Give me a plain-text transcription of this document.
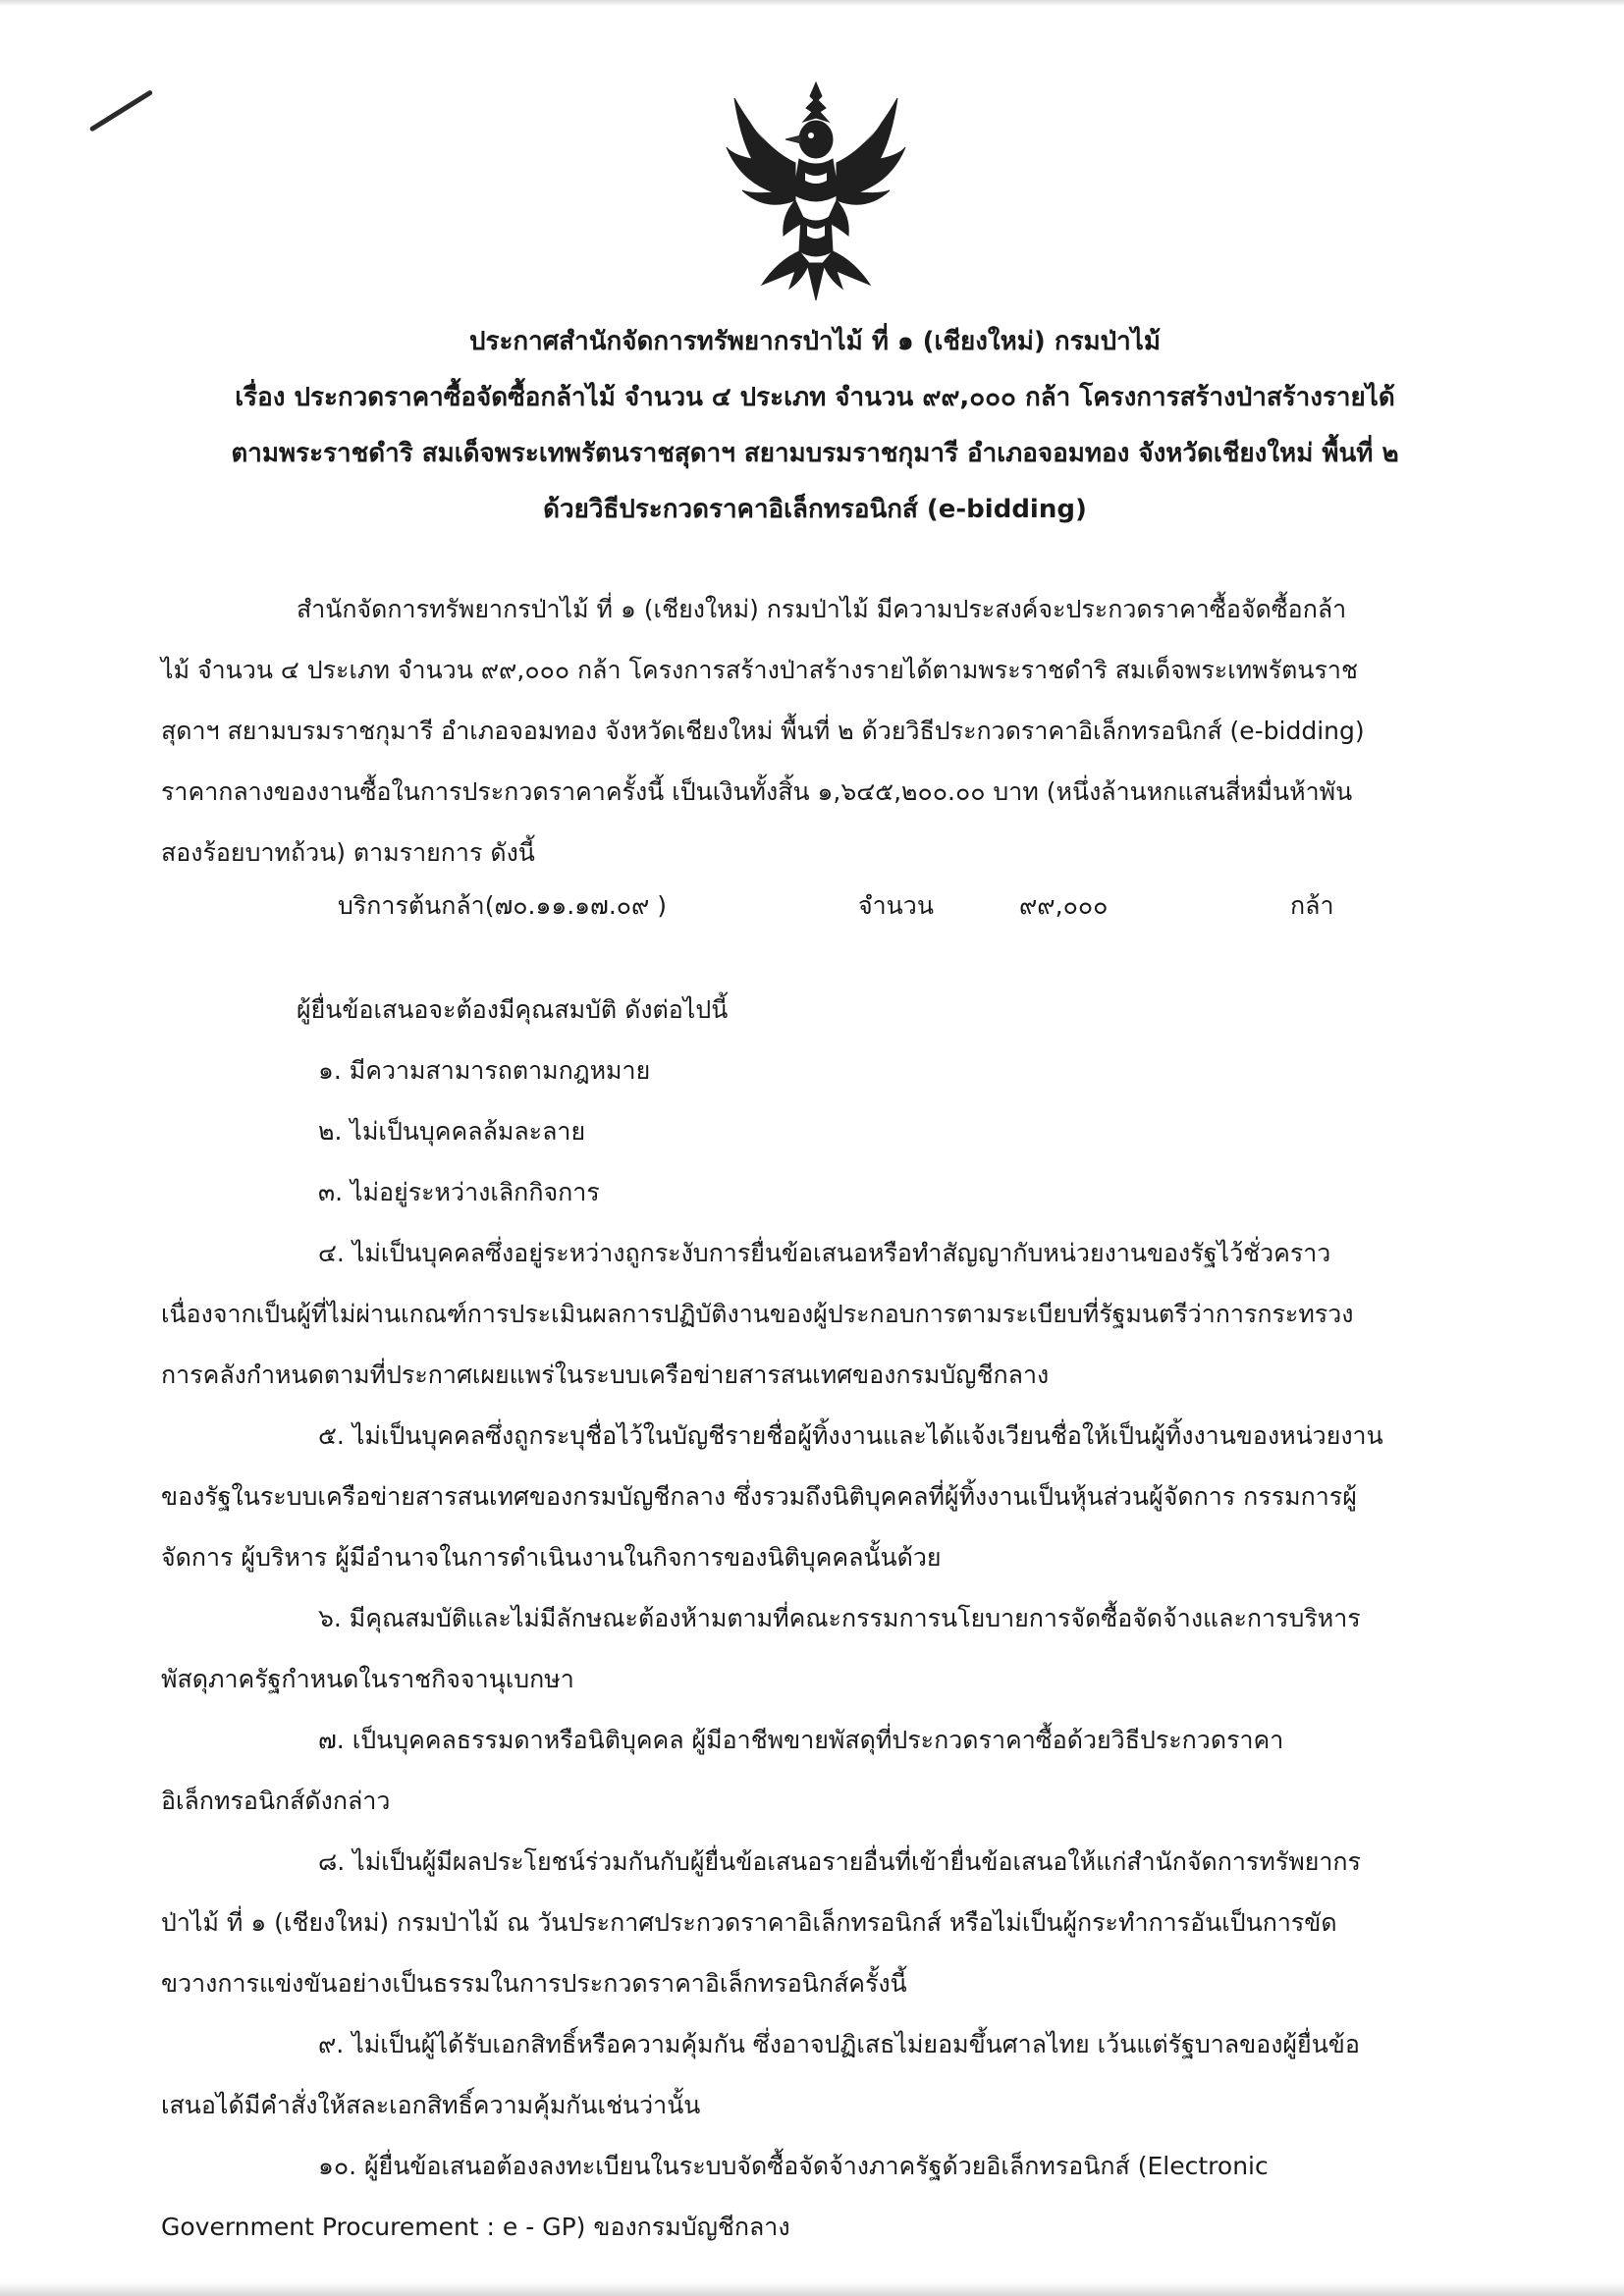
ประกาศสำนักจัดการทรัพยากรป่าไม้ ที่ ๑ (เชียงใหม่) กรมป่าไม้
เรื่อง ประกวดราคาซื้อจัดซื้อกล้าไม้ จำนวน ๔ ประเภท จำนวน ๙๙,๐๐๐ กล้า โครงการสร้างป่าสร้างรายได้
ตามพระราชดำริ สมเด็จพระเทพรัตนราชสุดาฯ สยามบรมราชกุมารี อำเภอจอมทอง จังหวัดเชียงใหม่ พื้นที่ ๒
ด้วยวิธีประกวดราคาอิเล็กทรอนิกส์ (e-bidding)
สำนักจัดการทรัพยากรป่าไม้ ที่ ๑ (เชียงใหม่) กรมป่าไม้ มีความประสงค์จะประกวดราคาซื้อจัดซื้อกล้า
ไม้ จำนวน ๔ ประเภท จำนวน ๙๙,๐๐๐ กล้า โครงการสร้างป่าสร้างรายได้ตามพระราชดำริ สมเด็จพระเทพรัตนราช
สุดาฯ สยามบรมราชกุมารี อำเภอจอมทอง จังหวัดเชียงใหม่ พื้นที่ ๒ ด้วยวิธีประกวดราคาอิเล็กทรอนิกส์ (e-bidding)
ราคากลางของงานซื้อในการประกวดราคาครั้งนี้ เป็นเงินทั้งสิ้น ๑,๖๔๕,๒๐๐.๐๐ บาท (หนึ่งล้านหกแสนสี่หมื่นห้าพัน
สองร้อยบาทถ้วน) ตามรายการ ดังนี้
บริการต้นกล้า(๗๐.๑๑.๑๗.๐๙ )	จำนวน	๙๙,๐๐๐	กล้า
ผู้ยื่นข้อเสนอจะต้องมีคุณสมบัติ ดังต่อไปนี้
๑. มีความสามารถตามกฎหมาย
๒. ไม่เป็นบุคคลล้มละลาย
๓. ไม่อยู่ระหว่างเลิกกิจการ
๔. ไม่เป็นบุคคลซึ่งอยู่ระหว่างถูกระงับการยื่นข้อเสนอหรือทำสัญญากับหน่วยงานของรัฐไว้ชั่วคราว
เนื่องจากเป็นผู้ที่ไม่ผ่านเกณฑ์การประเมินผลการปฏิบัติงานของผู้ประกอบการตามระเบียบที่รัฐมนตรีว่าการกระทรวง
การคลังกำหนดตามที่ประกาศเผยแพร่ในระบบเครือข่ายสารสนเทศของกรมบัญชีกลาง
๕. ไม่เป็นบุคคลซึ่งถูกระบุชื่อไว้ในบัญชีรายชื่อผู้ทิ้งงานและได้แจ้งเวียนชื่อให้เป็นผู้ทิ้งงานของหน่วยงาน
ของรัฐในระบบเครือข่ายสารสนเทศของกรมบัญชีกลาง ซึ่งรวมถึงนิติบุคคลที่ผู้ทิ้งงานเป็นหุ้นส่วนผู้จัดการ กรรมการผู้
จัดการ ผู้บริหาร ผู้มีอำนาจในการดำเนินงานในกิจการของนิติบุคคลนั้นด้วย
๖. มีคุณสมบัติและไม่มีลักษณะต้องห้ามตามที่คณะกรรมการนโยบายการจัดซื้อจัดจ้างและการบริหาร
พัสดุภาครัฐกำหนดในราชกิจจานุเบกษา
๗. เป็นบุคคลธรรมดาหรือนิติบุคคล ผู้มีอาชีพขายพัสดุที่ประกวดราคาซื้อด้วยวิธีประกวดราคา
อิเล็กทรอนิกส์ดังกล่าว
๘. ไม่เป็นผู้มีผลประโยชน์ร่วมกันกับผู้ยื่นข้อเสนอรายอื่นที่เข้ายื่นข้อเสนอให้แก่สำนักจัดการทรัพยากร
ป่าไม้ ที่ ๑ (เชียงใหม่) กรมป่าไม้ ณ วันประกาศประกวดราคาอิเล็กทรอนิกส์ หรือไม่เป็นผู้กระทำการอันเป็นการขัด
ขวางการแข่งขันอย่างเป็นธรรมในการประกวดราคาอิเล็กทรอนิกส์ครั้งนี้
๙. ไม่เป็นผู้ได้รับเอกสิทธิ์หรือความคุ้มกัน ซึ่งอาจปฏิเสธไม่ยอมขึ้นศาลไทย เว้นแต่รัฐบาลของผู้ยื่นข้อ
เสนอได้มีคำสั่งให้สละเอกสิทธิ์ความคุ้มกันเช่นว่านั้น
๑๐. ผู้ยื่นข้อเสนอต้องลงทะเบียนในระบบจัดซื้อจัดจ้างภาครัฐด้วยอิเล็กทรอนิกส์ (Electronic
Government Procurement : e - GP) ของกรมบัญชีกลาง
